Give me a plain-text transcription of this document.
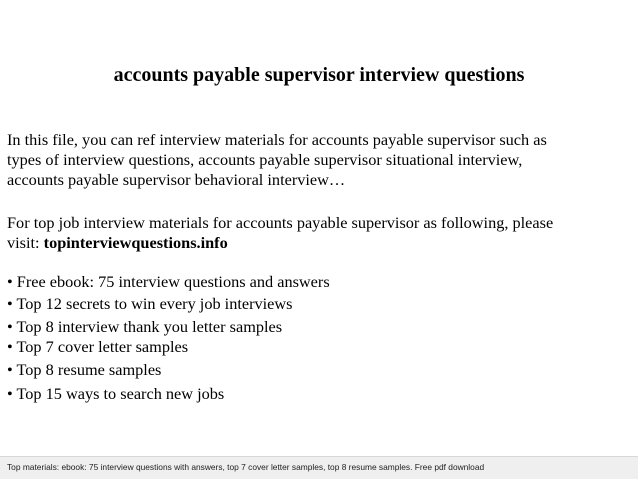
accounts payable supervisor interview questions
In this file, you can ref interview materials for accounts payable supervisor such as
types of interview questions, accounts payable supervisor situational interview,
accounts payable supervisor behavioral interview…
For top job interview materials for accounts payable supervisor as following, please
visit: topinterviewquestions.info
• Free ebook: 75 interview questions and answers
• Top 12 secrets to win every job interviews
• Top 8 interview thank you letter samples
• Top 7 cover letter samples
• Top 8 resume samples
• Top 15 ways to search new jobs
Top materials: ebook: 75 interview questions with answers, top 7 cover letter samples, top 8 resume samples. Free pdf download
